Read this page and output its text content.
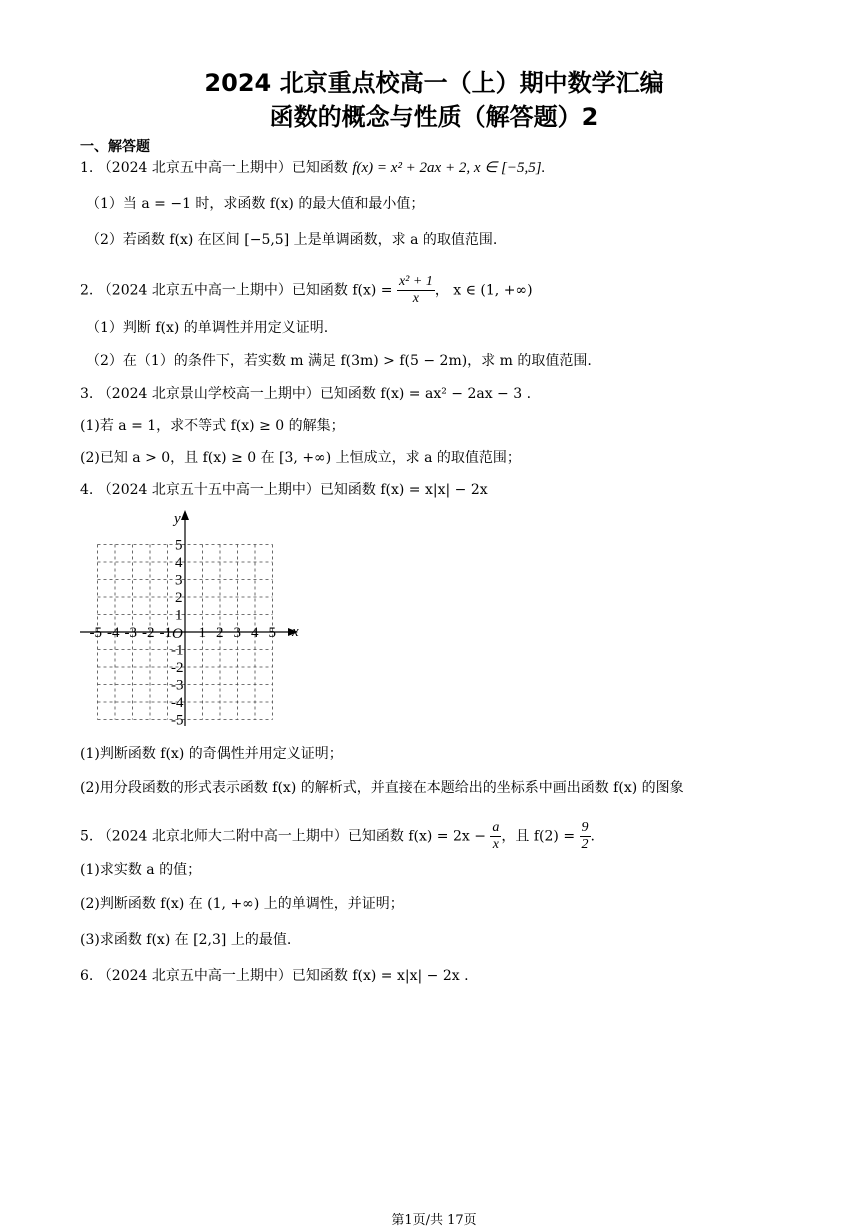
2024 北京重点校高一（上）期中数学汇编
函数的概念与性质（解答题）2
一、解答题
1. （2024 北京五中高一上期中）已知函数 f(x) = x² + 2ax + 2, x ∈ [−5,5].
（1）当 a = −1 时，求函数 f(x) 的最大值和最小值；
（2）若函数 f(x) 在区间 [−5,5] 上是单调函数，求 a 的取值范围.
2. （2024 北京五中高一上期中）已知函数 $f(x) = \frac{\text{x² + 1}}{x}$ ， x ∈ (1, +∞)
（1）判断 f(x) 的单调性并用定义证明.
（2）在（1）的条件下，若实数 m 满足 f(3m) > f(5 − 2m)，求 m 的取值范围.
3. （2024 北京景山学校高一上期中）已知函数 f(x) = ax² − 2ax − 3 .
(1)若 a = 1，求不等式 f(x) ≥ 0 的解集；
(2)已知 a > 0，且 f(x) ≥ 0 在 [3, +∞) 上恒成立，求 a 的取值范围；
4. （2024 北京五十五中高一上期中）已知函数 f(x) = x|x| − 2x
x
y
O
-5 -4 -3 -2 -1 1 2 3 4 5
5
4
3
2
1
-1
-2
-3
-4
-5
(1)判断函数 f(x) 的奇偶性并用定义证明；
(2)用分段函数的形式表示函数 f(x) 的解析式，并直接在本题给出的坐标系中画出函数 f(x) 的图象
5. （2024 北京北师大二附中高一上期中）已知函数 $f(x) = 2x - \frac{a}{x}$ ，且 $f(2) = \frac{9}{2}$ .
(1)求实数 a 的值；
(2)判断函数 f(x) 在 (1, +∞) 上的单调性，并证明；
(3)求函数 f(x) 在 [2,3] 上的最值.
6. （2024 北京五中高一上期中）已知函数 f(x) = x|x| − 2x .
第1页/共 17页
